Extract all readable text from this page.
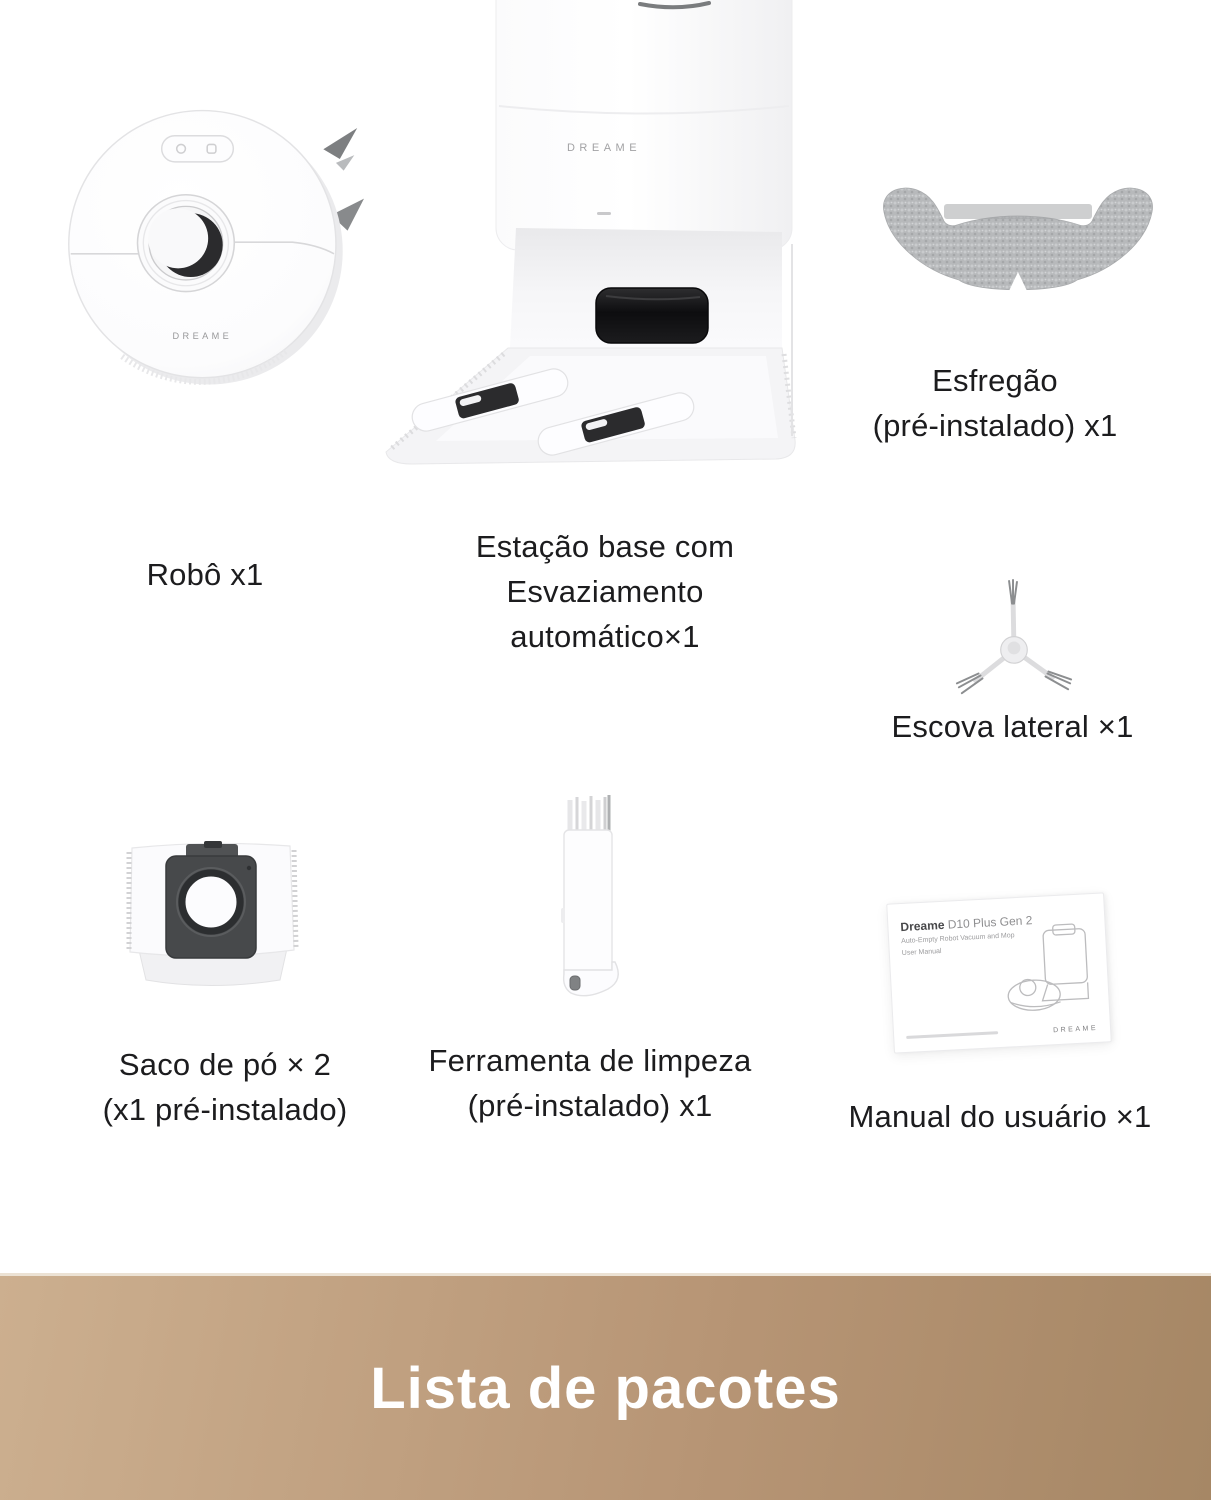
DREAME
DREAME
Dreame D10 Plus Gen 2
Auto-Empty Robot Vacuum and Mop
User Manual
DREAME
Robô x1
Estação base com
Esvaziamento
automático×1
Esfregão
(pré-instalado) x1
Escova lateral ×1
Saco de pó × 2
(x1 pré-instalado)
Ferramenta de limpeza
(pré-instalado) x1	Manual do usuário ×1
Lista de pacotes
